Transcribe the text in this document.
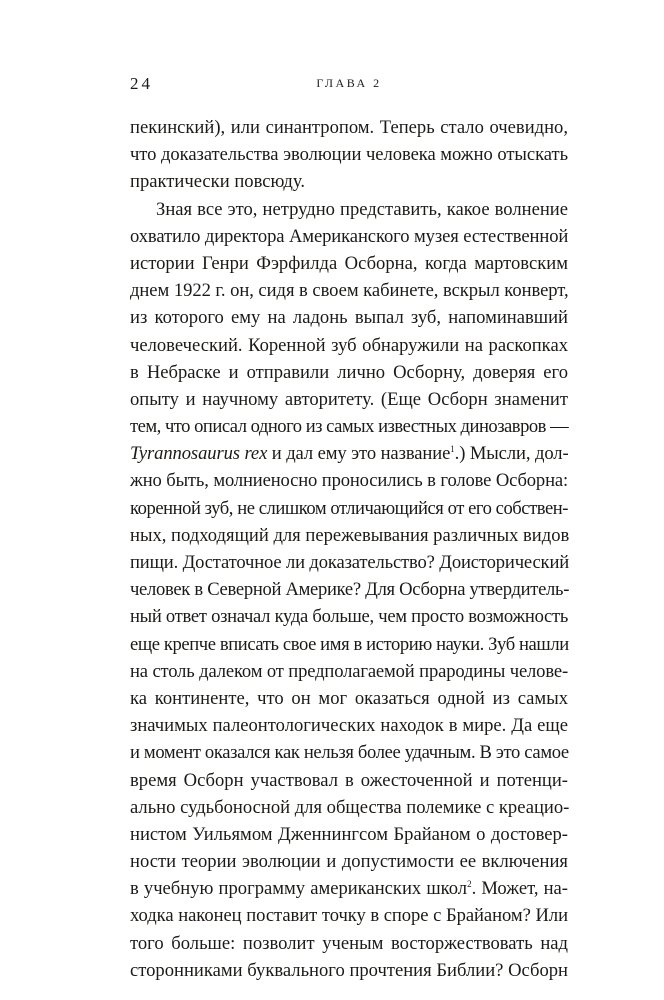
24	ГЛАВА 2
пекинский), или синантропом. Теперь стало очевидно,
что доказательства эволюции человека можно отыскать
практически повсюду.
Зная все это, нетрудно представить, какое волнение
охватило директора Американского музея естественной
истории Генри Фэрфилда Осборна, когда мартовским
днем 1922 г. он, сидя в своем кабинете, вскрыл конверт,
из которого ему на ладонь выпал зуб, напоминавший
человеческий. Коренной зуб обнаружили на раскопках
в Небраске и отправили лично Осборну, доверяя его
опыту и научному авторитету. (Еще Осборн знаменит
тем, что описал одного из самых известных динозавров —
Tyrannosaurus rex и дал ему это название$^1$.) Мысли, дол-
жно быть, молниеносно проносились в голове Осборна:
коренной зуб, не слишком отличающийся от его собствен-
ных, подходящий для пережевывания различных видов
пищи. Достаточное ли доказательство? Доисторический
человек в Северной Америке? Для Осборна утвердитель-
ный ответ означал куда больше, чем просто возможность
еще крепче вписать свое имя в историю науки. Зуб нашли
на столь далеком от предполагаемой прародины челове-
ка континенте, что он мог оказаться одной из самых
значимых палеонтологических находок в мире. Да еще
и момент оказался как нельзя более удачным. В это самое
время Осборн участвовал в ожесточенной и потенци-
ально судьбоносной для общества полемике с креацио-
нистом Уильямом Дженнингсом Брайаном о достовер-
ности теории эволюции и допустимости ее включения
в учебную программу американских школ$^2$. Может, на-
ходка наконец поставит точку в споре с Брайаном? Или
того больше: позволит ученым восторжествовать над
сторонниками буквального прочтения Библии? Осборн
